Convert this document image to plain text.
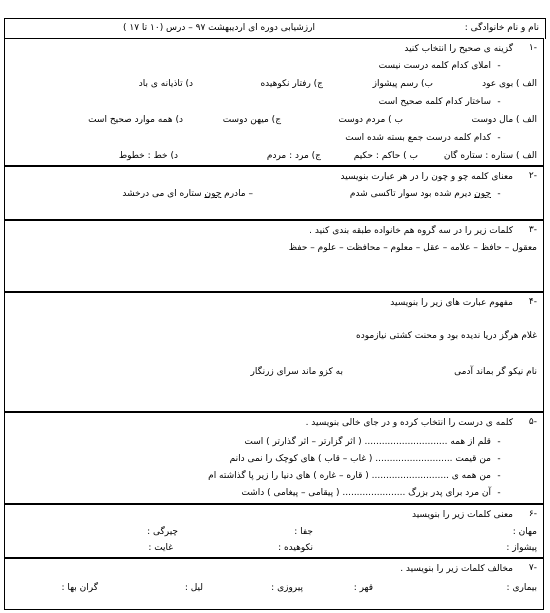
نام و نام خانوادگی :
ارزشیابی دوره ای اردیبهشت ۹۷ – درس (۱۰ تا ۱۷ )
-۱
گزینه ی صحیح را انتخاب کنید
-
املای کدام کلمه درست نیست
الف ) بوی عود
ب) رسم پیشواز
ج) رفتار نکوهیده
د) تاذیانه ی باد
-
ساختار کدام کلمه صحیح است
الف ) مال دوست
ب ) مردم دوست
ج) میهن دوست
د) همه موارد صحیح است
-
کدام کلمه درست جمع بسته شده است
الف ) ستاره : ستاره گان
ب ) حاکم : حکیم
ج) مرد : مردم
د) خط : خطوط
-۲
معنای کلمه چو و چون را در هر عبارت بنویسید
-
چون دیرم شده بود سوار تاکسی شدم
– مادرم چون ستاره ای می درخشد
-۳
کلمات زیر را در سه گروه هم خانواده طبقه بندی کنید .
معقول – حافظ – علامه – عقل – معلوم – محافظت – علوم – حفظ
-۴
مفهوم عبارت های زیر را بنویسید
غلام هرگز دریا ندیده بود و محنت کشتی نیازموده
نام نیکو گر بماند آدمی
به کزو ماند سرای زرنگار
-۵
کلمه ی درست را انتخاب کرده و در جای خالی بنویسید .
-
قلم از همه ............................. ( اثر گزارتر – اثر گذارتر ) است
-
من قیمت ........................... ( غاب – قاب ) های کوچک را نمی دانم
-
من همه ی ........................... ( قاره – غاره ) های دنیا را زیر پا گذاشته ام
-
آن مرد برای پدر بزرگ ...................... ( پیقامی – پیغامی ) داشت
-۶
معنی کلمات زیر را بنویسید
مهان :
جفا :
چیرگی :
پیشواز :
نکوهیده :
غایت :
-۷
مخالف کلمات زیر را بنویسید .
بیماری :
قهر :
پیروزی :
لیل :
گران بها :
